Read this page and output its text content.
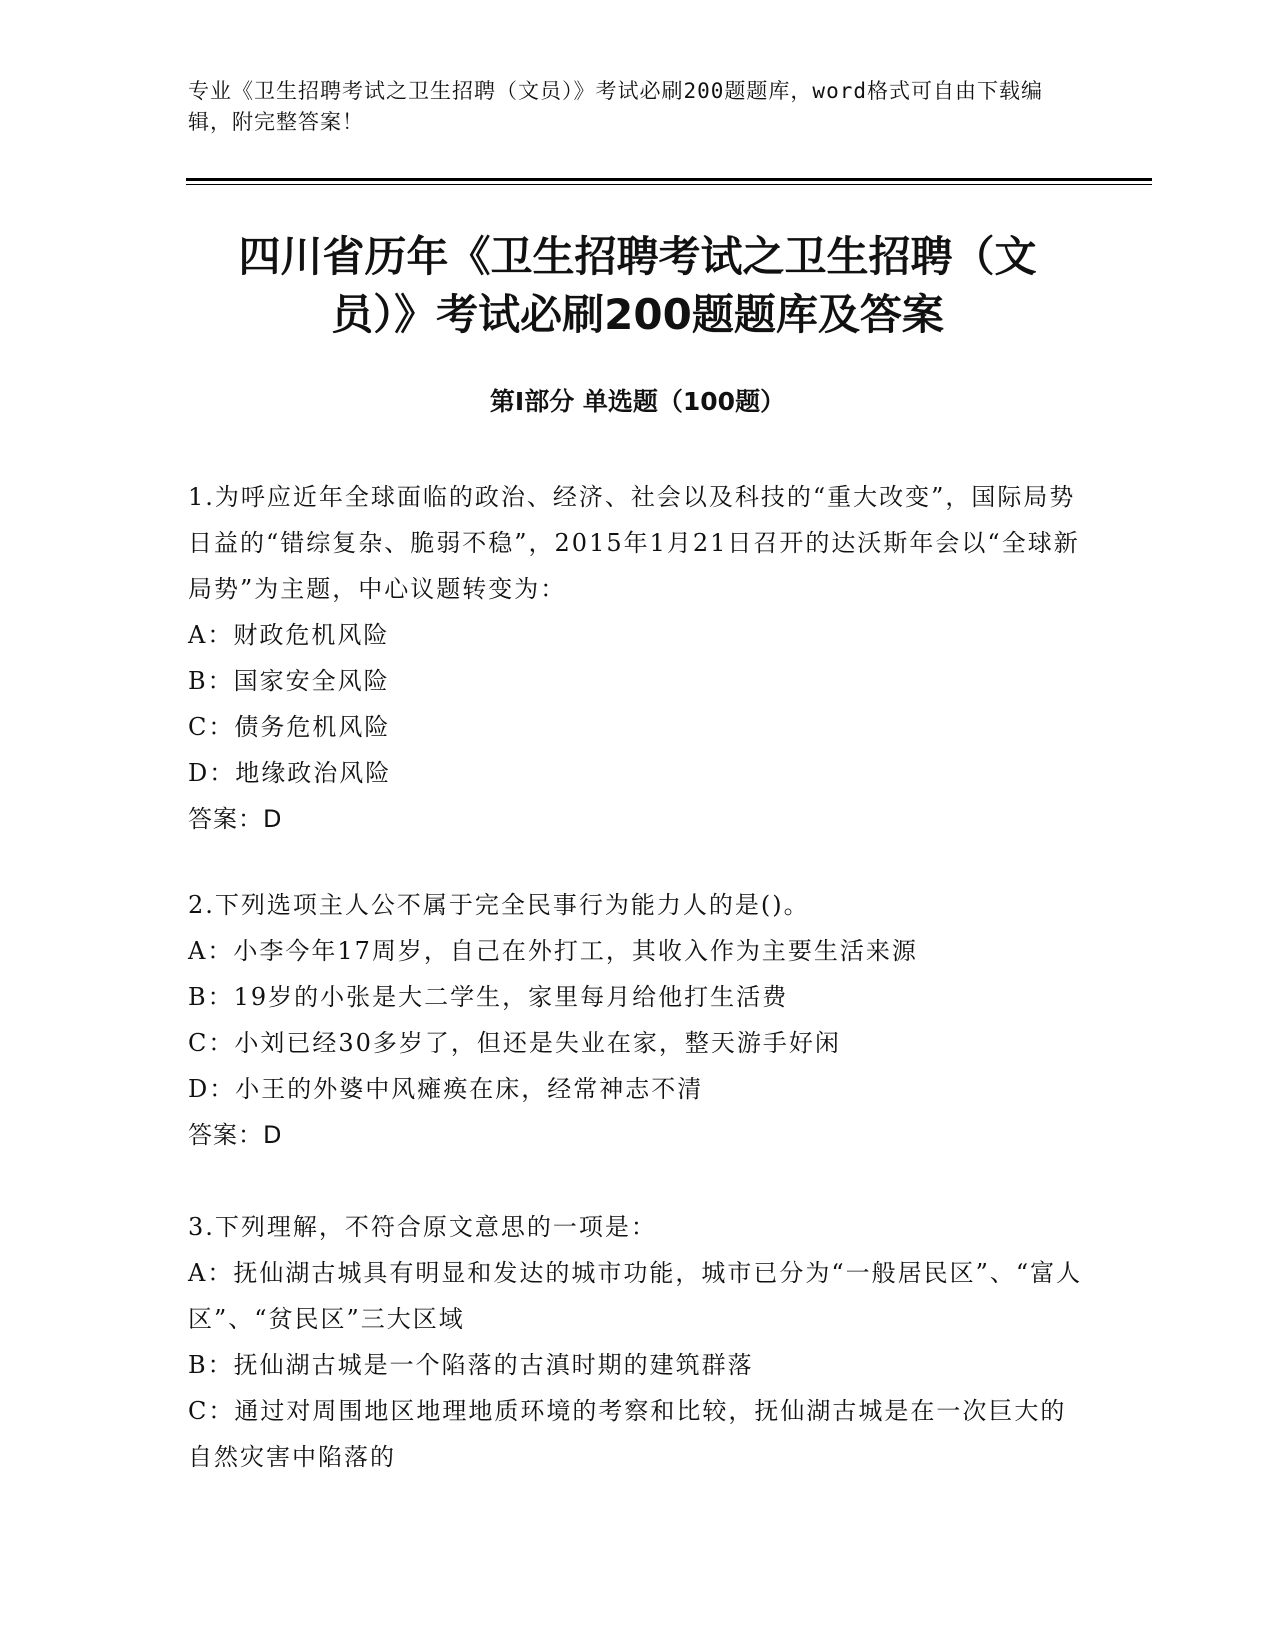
专业《卫生招聘考试之卫生招聘（文员）》考试必刷200题题库，word格式可自由下载编辑，附完整答案！
四川省历年《卫生招聘考试之卫生招聘（文
员）》考试必刷200题题库及答案
第Ⅰ部分 单选题（100题）
1.为呼应近年全球面临的政治、经济、社会以及科技的“重大改变”，国际局势日益的“错综复杂、脆弱不稳”，2015年1月21日召开的达沃斯年会以“全球新局势”为主题，中心议题转变为：
A：财政危机风险
B：国家安全风险
C：债务危机风险
D：地缘政治风险
答案：D
2.下列选项主人公不属于完全民事行为能力人的是()。
A：小李今年17周岁，自己在外打工，其收入作为主要生活来源
B：19岁的小张是大二学生，家里每月给他打生活费
C：小刘已经30多岁了，但还是失业在家，整天游手好闲
D：小王的外婆中风瘫痪在床，经常神志不清
答案：D
3.下列理解，不符合原文意思的一项是：
A：抚仙湖古城具有明显和发达的城市功能，城市已分为“一般居民区”、“富人区”、“贫民区”三大区域
B：抚仙湖古城是一个陷落的古滇时期的建筑群落
C：通过对周围地区地理地质环境的考察和比较，抚仙湖古城是在一次巨大的自然灾害中陷落的
